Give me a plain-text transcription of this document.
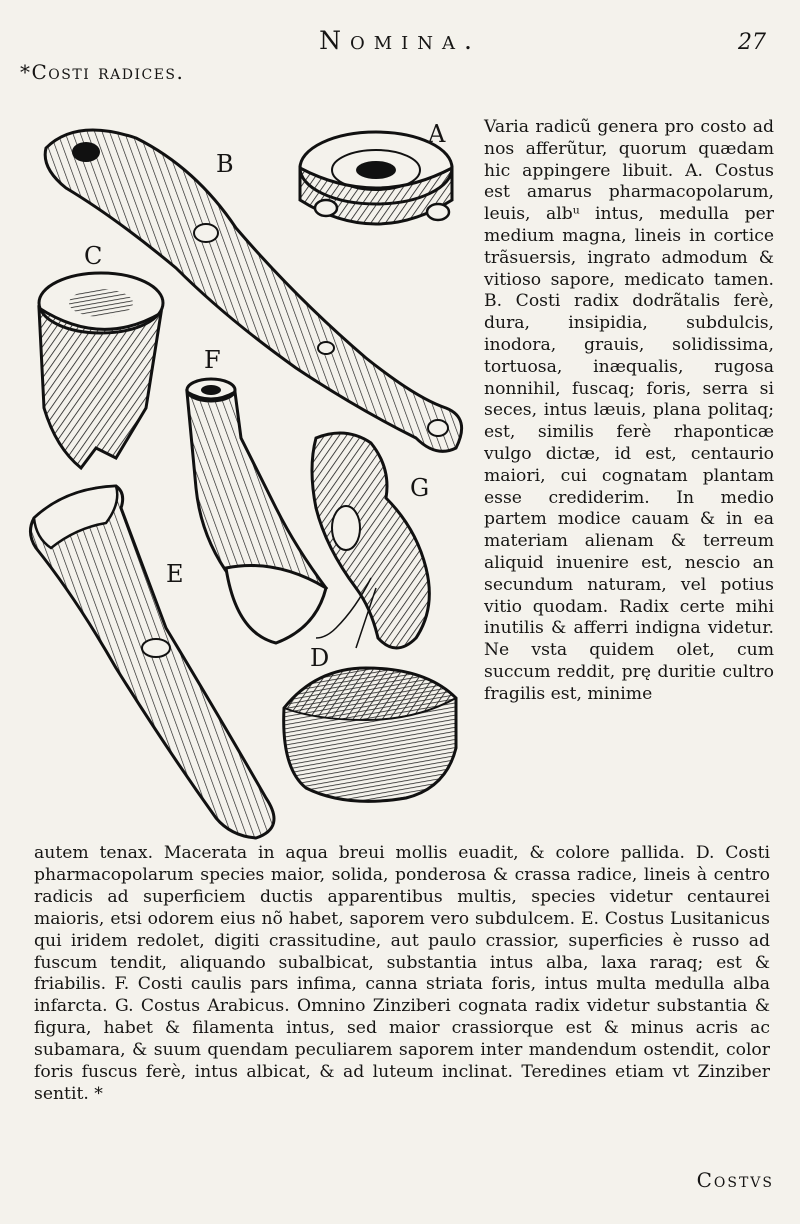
Nomina.	27
*Costi radices.
A
B
C
F
G
E
D

Varia radicũ genera pro costo ad nos afferũtur, quorum quædam hic appingere libuit. A. Costus est amarus pharmacopolarum, leuis, albᵘ intus, medulla per medium magna, lineis in cortice trãsuersis, ingrato admodum & vitioso sapore, medicato tamen. B. Costi radix dodrãtalis ferè, dura, insipidia, subdulcis, inodora, grauis, solidissima, tortuosa, inæqualis, rugosa nonnihil, fuscaq; foris, serra si seces, intus læuis, plana politaq; est, similis ferè rhaponticæ vulgo dictæ, id est, centaurio maiori, cui cognatam plantam esse crediderim. In medio partem modice cauam & in ea materiam alienam & terreum aliquid inuenire est, nescio an secundum naturam, vel potius vitio quodam. Radix certe mihi inutilis & afferri indigna videtur. Ne vsta quidem olet, cum succum reddit, prę duritie cultro fragilis est, minime

autem tenax. Macerata in aqua breui mollis euadit, & colore pallida. D. Costi pharmacopolarum species maior, solida, ponderosa & crassa radice, lineis à centro radicis ad superficiem ductis apparentibus multis, species videtur centaurei maioris, etsi odorem eius nõ habet, saporem vero subdulcem. E. Costus Lusitanicus qui iridem redolet, digiti crassitudine, aut paulo crassior, superficies è russo ad fuscum tendit, aliquando subalbicat, substantia intus alba, laxa raraq; est & friabilis. F. Costi caulis pars infima, canna striata foris, intus multa medulla alba infarcta. G. Costus Arabicus. Omnino Zinziberi cognata radix videtur substantia & figura, habet & filamenta intus, sed maior crassiorque est & minus acris ac subamara, & suum quendam peculiarem saporem inter mandendum ostendit, color foris fuscus ferè, intus albicat, & ad luteum inclinat. Teredines etiam vt Zinziber sentit. *

Costvs
